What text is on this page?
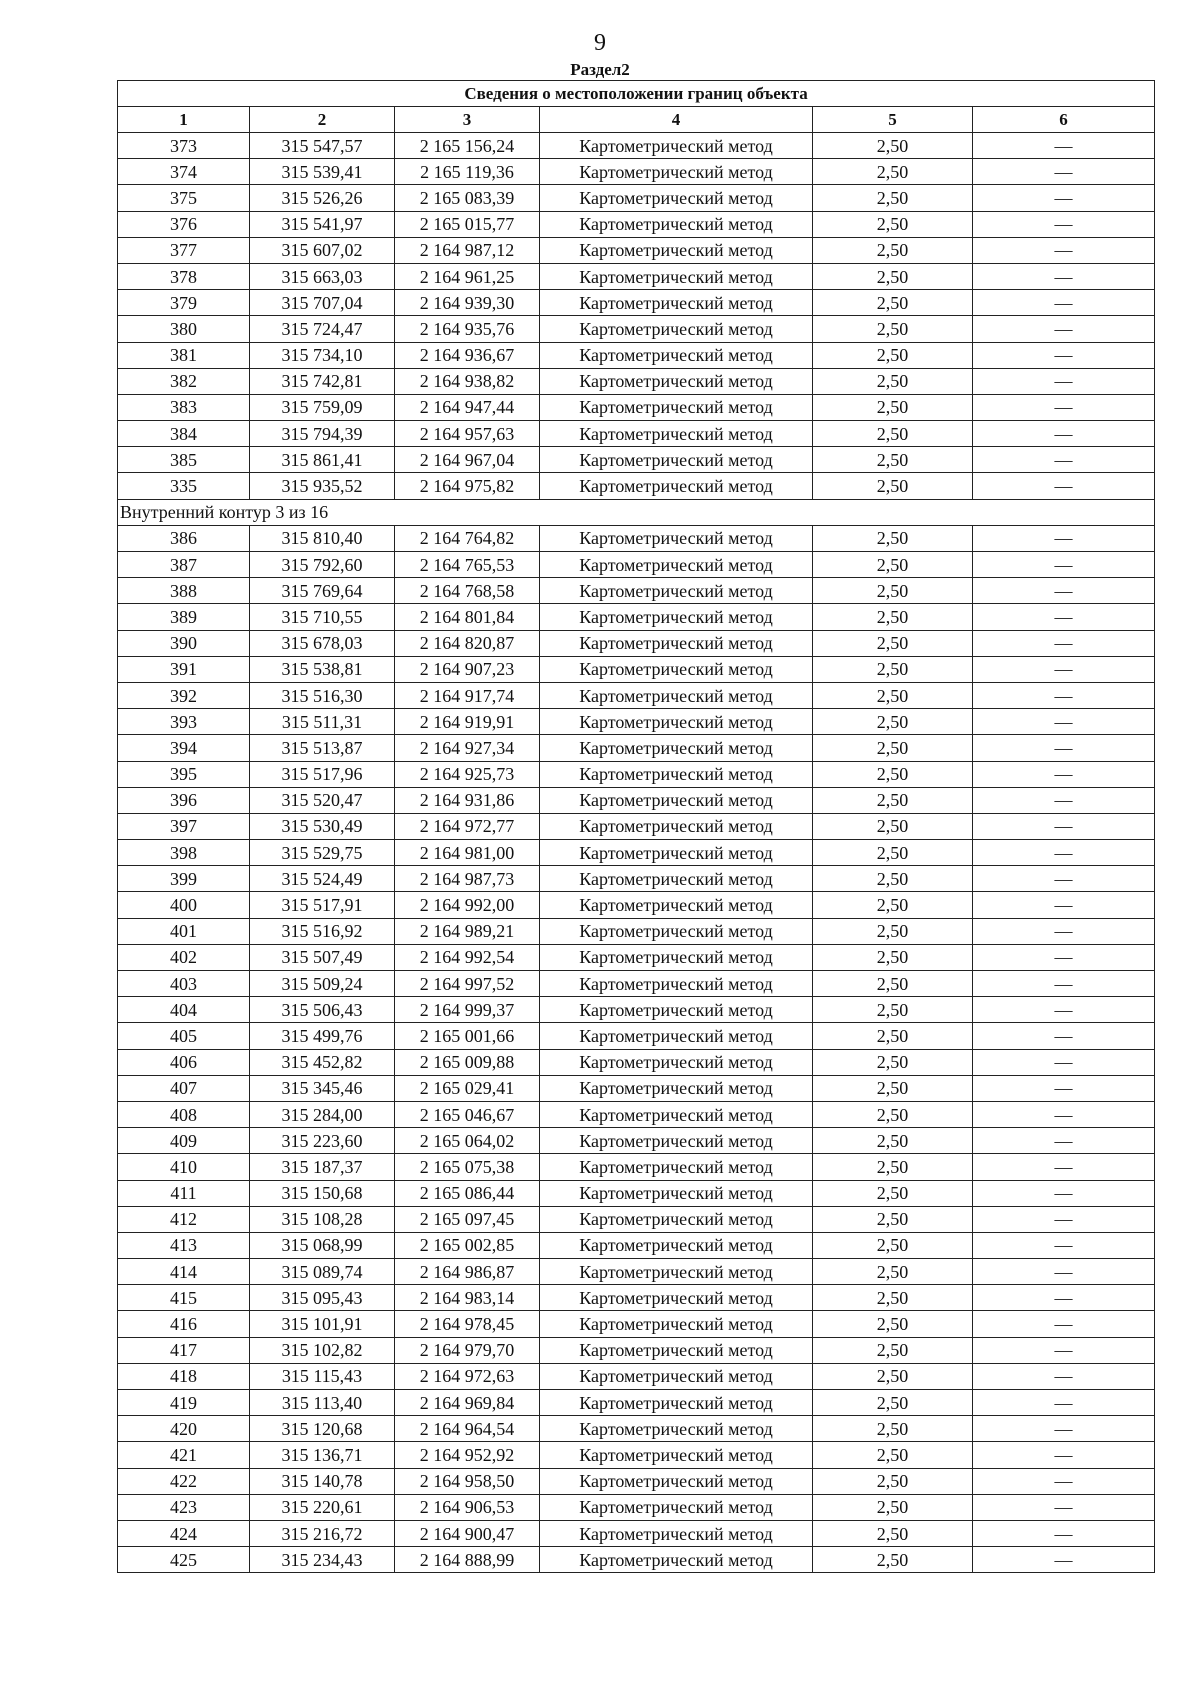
9
Раздел2
Сведения о местоположении границ объекта					
1	2	3	4	5	6
373	315 547,57	2 165 156,24	Картометрический метод	2,50	—
374	315 539,41	2 165 119,36	Картометрический метод	2,50	—
375	315 526,26	2 165 083,39	Картометрический метод	2,50	—
376	315 541,97	2 165 015,77	Картометрический метод	2,50	—
377	315 607,02	2 164 987,12	Картометрический метод	2,50	—
378	315 663,03	2 164 961,25	Картометрический метод	2,50	—
379	315 707,04	2 164 939,30	Картометрический метод	2,50	—
380	315 724,47	2 164 935,76	Картометрический метод	2,50	—
381	315 734,10	2 164 936,67	Картометрический метод	2,50	—
382	315 742,81	2 164 938,82	Картометрический метод	2,50	—
383	315 759,09	2 164 947,44	Картометрический метод	2,50	—
384	315 794,39	2 164 957,63	Картометрический метод	2,50	—
385	315 861,41	2 164 967,04	Картометрический метод	2,50	—
335	315 935,52	2 164 975,82	Картометрический метод	2,50	—
Внутренний контур 3 из 16					
386	315 810,40	2 164 764,82	Картометрический метод	2,50	—
387	315 792,60	2 164 765,53	Картометрический метод	2,50	—
388	315 769,64	2 164 768,58	Картометрический метод	2,50	—
389	315 710,55	2 164 801,84	Картометрический метод	2,50	—
390	315 678,03	2 164 820,87	Картометрический метод	2,50	—
391	315 538,81	2 164 907,23	Картометрический метод	2,50	—
392	315 516,30	2 164 917,74	Картометрический метод	2,50	—
393	315 511,31	2 164 919,91	Картометрический метод	2,50	—
394	315 513,87	2 164 927,34	Картометрический метод	2,50	—
395	315 517,96	2 164 925,73	Картометрический метод	2,50	—
396	315 520,47	2 164 931,86	Картометрический метод	2,50	—
397	315 530,49	2 164 972,77	Картометрический метод	2,50	—
398	315 529,75	2 164 981,00	Картометрический метод	2,50	—
399	315 524,49	2 164 987,73	Картометрический метод	2,50	—
400	315 517,91	2 164 992,00	Картометрический метод	2,50	—
401	315 516,92	2 164 989,21	Картометрический метод	2,50	—
402	315 507,49	2 164 992,54	Картометрический метод	2,50	—
403	315 509,24	2 164 997,52	Картометрический метод	2,50	—
404	315 506,43	2 164 999,37	Картометрический метод	2,50	—
405	315 499,76	2 165 001,66	Картометрический метод	2,50	—
406	315 452,82	2 165 009,88	Картометрический метод	2,50	—
407	315 345,46	2 165 029,41	Картометрический метод	2,50	—
408	315 284,00	2 165 046,67	Картометрический метод	2,50	—
409	315 223,60	2 165 064,02	Картометрический метод	2,50	—
410	315 187,37	2 165 075,38	Картометрический метод	2,50	—
411	315 150,68	2 165 086,44	Картометрический метод	2,50	—
412	315 108,28	2 165 097,45	Картометрический метод	2,50	—
413	315 068,99	2 165 002,85	Картометрический метод	2,50	—
414	315 089,74	2 164 986,87	Картометрический метод	2,50	—
415	315 095,43	2 164 983,14	Картометрический метод	2,50	—
416	315 101,91	2 164 978,45	Картометрический метод	2,50	—
417	315 102,82	2 164 979,70	Картометрический метод	2,50	—
418	315 115,43	2 164 972,63	Картометрический метод	2,50	—
419	315 113,40	2 164 969,84	Картометрический метод	2,50	—
420	315 120,68	2 164 964,54	Картометрический метод	2,50	—
421	315 136,71	2 164 952,92	Картометрический метод	2,50	—
422	315 140,78	2 164 958,50	Картометрический метод	2,50	—
423	315 220,61	2 164 906,53	Картометрический метод	2,50	—
424	315 216,72	2 164 900,47	Картометрический метод	2,50	—
425	315 234,43	2 164 888,99	Картометрический метод	2,50	—
